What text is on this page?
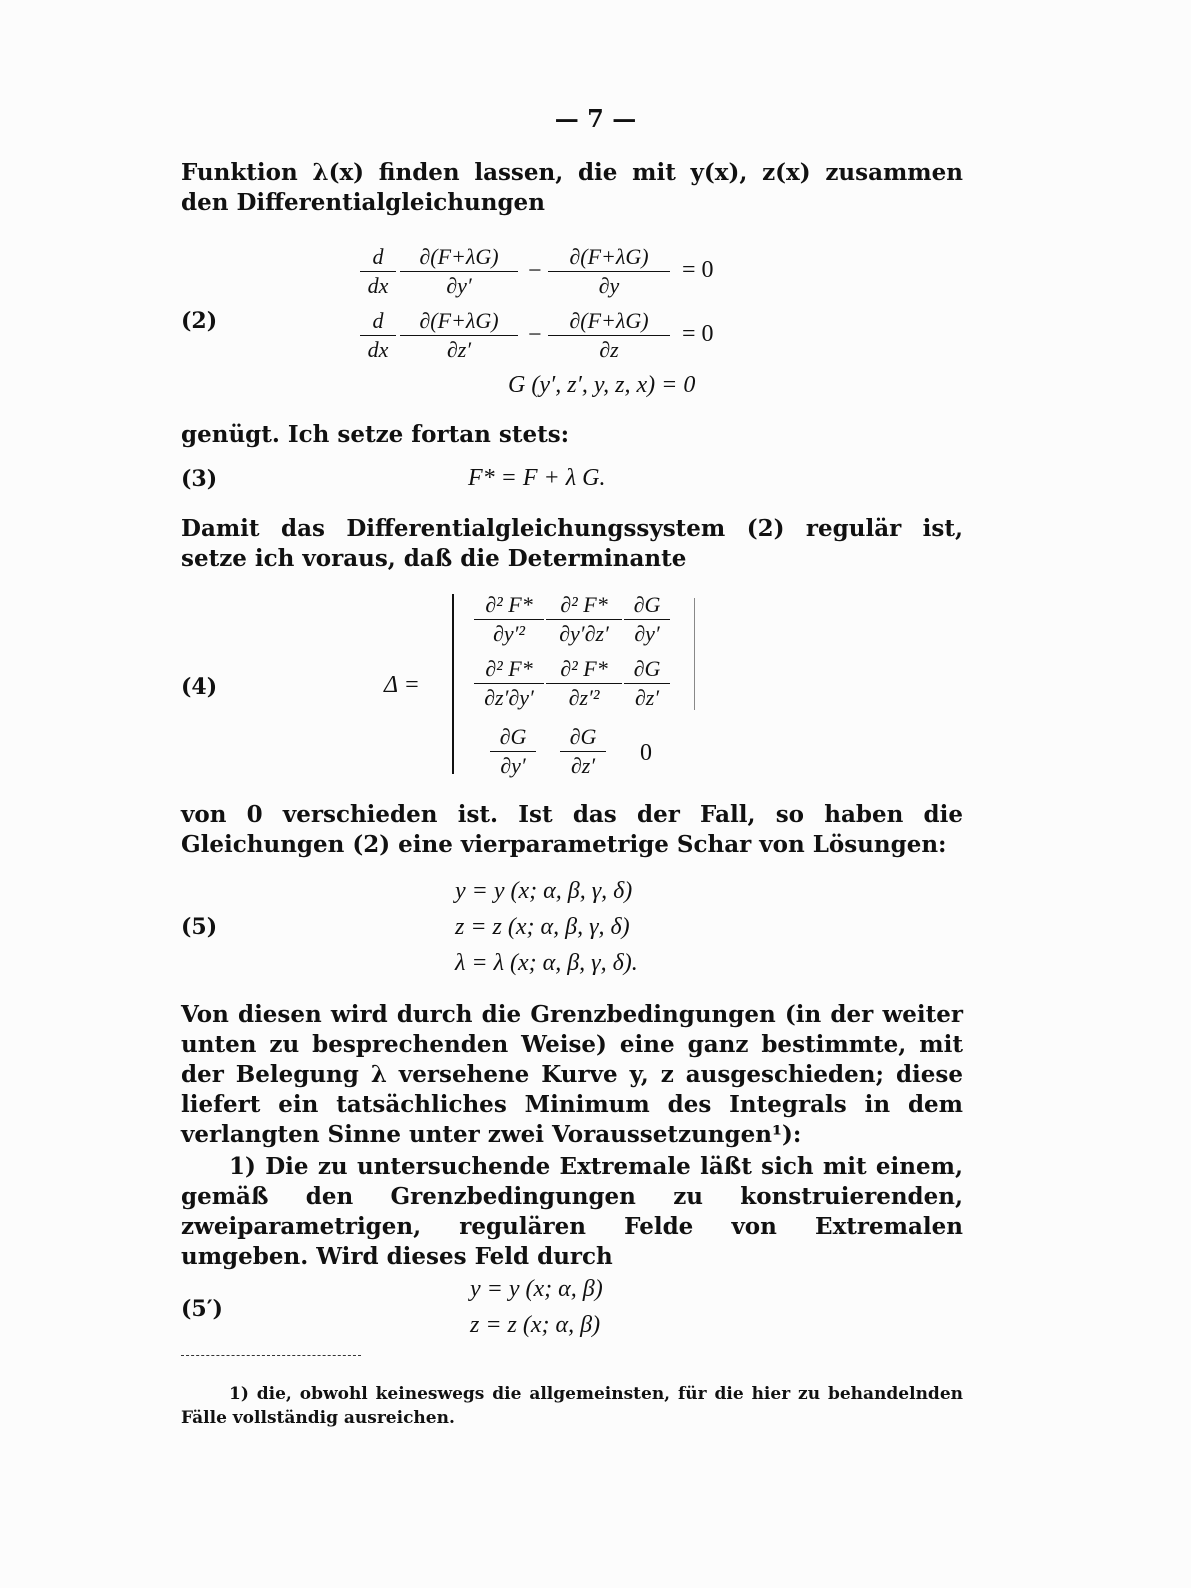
— 7 —
Funktion λ(x) finden lassen, die mit y(x), z(x) zusammen den Differentialgleichungen
(2)
$\frac{d}{dx} \frac{\partial(F+\lambda G)}{\partial y'} - \frac{\partial(F+\lambda G)}{\partial y} = 0$
$\frac{d}{dx} \frac{\partial(F+\lambda G)}{\partial z'} - \frac{\partial(F+\lambda G)}{\partial z} = 0$
G (y′, z′, y, z, x) = 0
genügt. Ich setze fortan stets:
(3)	F* = F + λ G.
Damit das Differentialgleichungssystem (2) regulär ist, setze ich voraus, daß die Determinante
(4)	Δ =
$\frac{\text{∂² F*}}{\text{∂y′²}} \frac{\text{∂² F*}}{\partial y'\partial z'} \frac{\partial G}{\partial y'}$
$\frac{\text{∂² F*}}{\partial z'\partial y'} \frac{\text{∂² F*}}{\text{∂z′²}} \frac{\partial G}{\partial z'}$
$\frac{\partial G}{\partial y'} \frac{\partial G}{\partial z'} 0$
von 0 verschieden ist. Ist das der Fall, so haben die Gleichungen (2) eine vierparametrige Schar von Lösungen:
(5)
y = y (x; α, β, γ, δ)
z = z (x; α, β, γ, δ)
λ = λ (x; α, β, γ, δ).
Von diesen wird durch die Grenzbedingungen (in der weiter unten zu besprechenden Weise) eine ganz bestimmte, mit der Belegung λ versehene Kurve y, z ausgeschieden; diese liefert ein tatsächliches Minimum des Integrals in dem verlangten Sinne unter zwei Voraussetzungen¹):
1) Die zu untersuchende Extremale läßt sich mit einem, gemäß den Grenzbedingungen zu konstruierenden, zweiparametrigen, regulären Felde von Extremalen umgeben. Wird dieses Feld durch
(5′)
y = y (x; α, β)
z = z (x; α, β)
1) die, obwohl keineswegs die allgemeinsten, für die hier zu behandelnden Fälle vollständig ausreichen.
